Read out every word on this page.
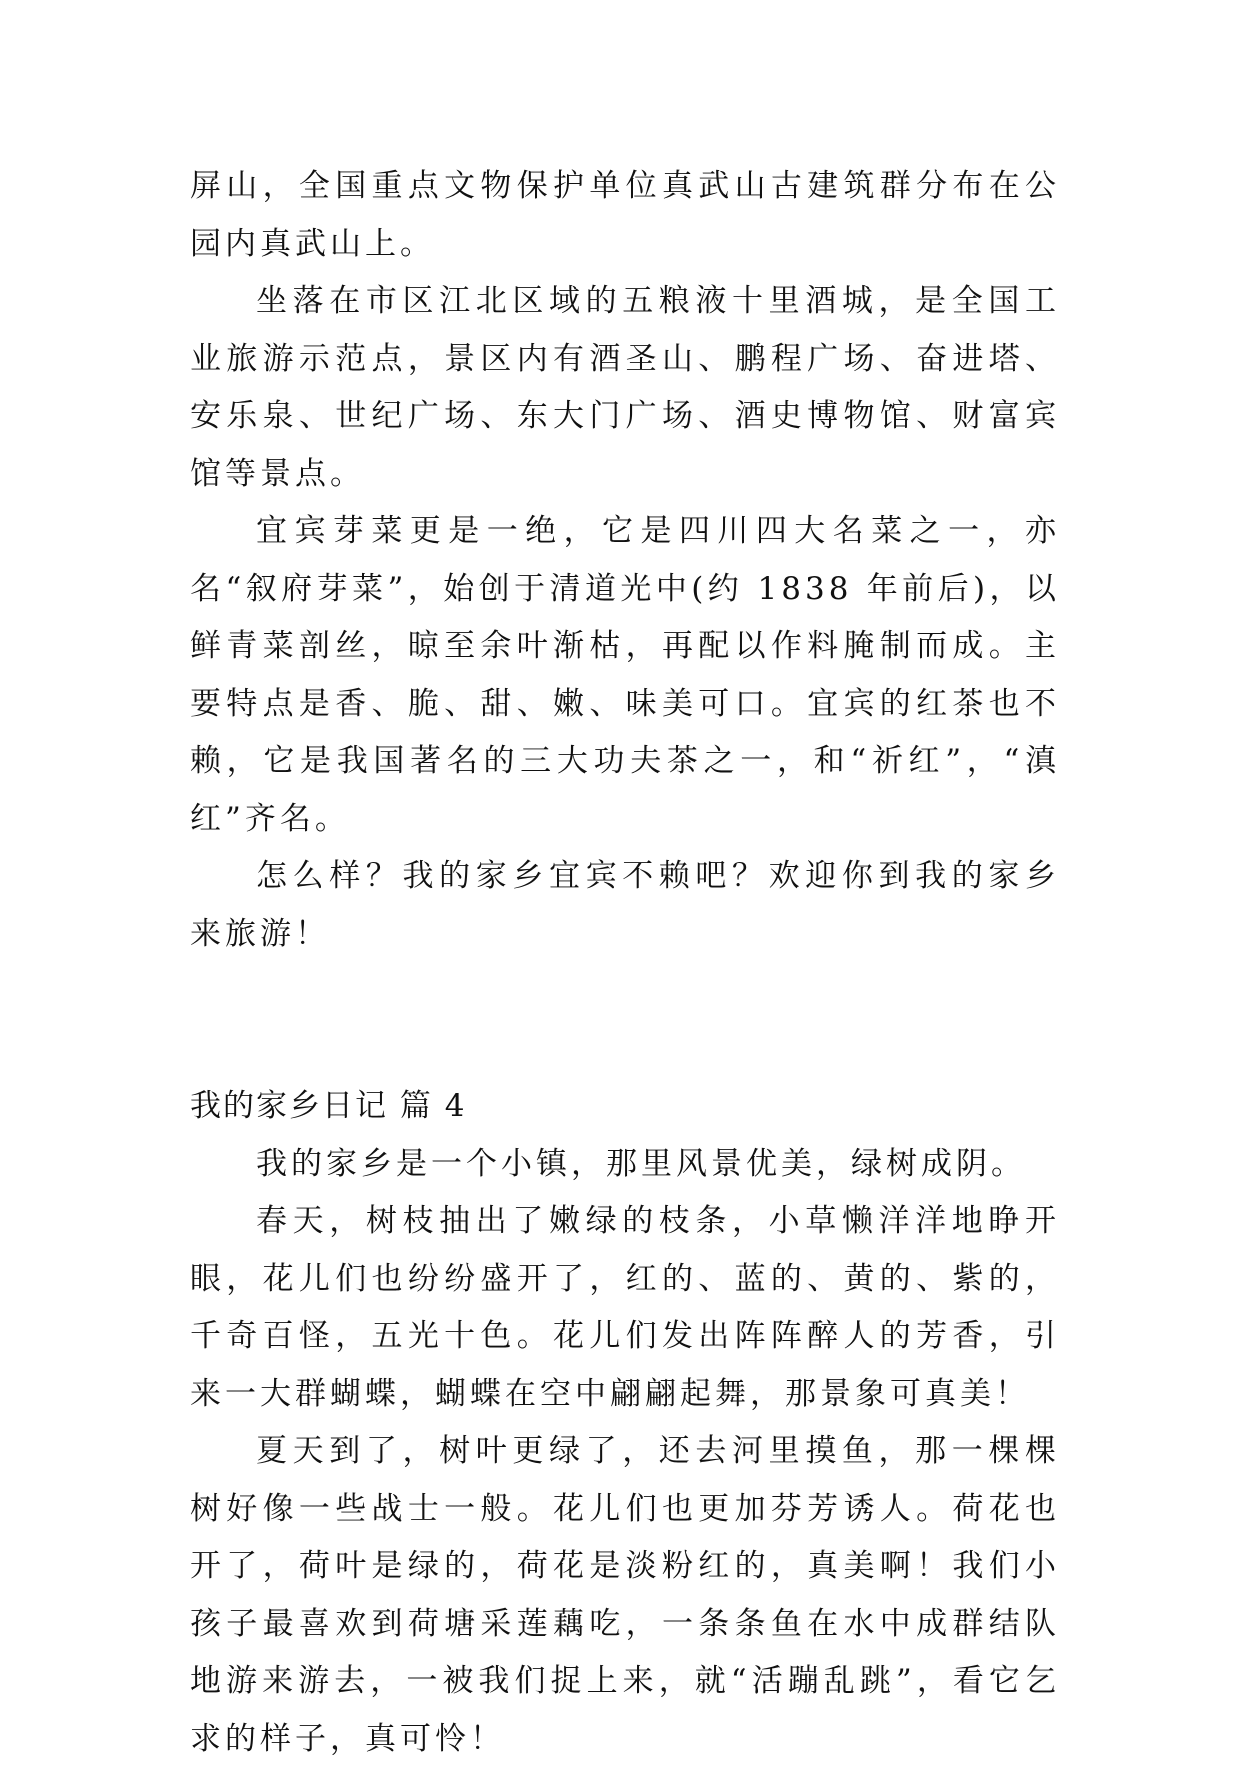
屏山，全国重点文物保护单位真武山古建筑群分布在公园内真武山上。

坐落在市区江北区域的五粮液十里酒城，是全国工业旅游示范点，景区内有酒圣山、鹏程广场、奋进塔、安乐泉、世纪广场、东大门广场、酒史博物馆、财富宾馆等景点。

宜宾芽菜更是一绝，它是四川四大名菜之一，亦名“叙府芽菜”，始创于清道光中(约 1838 年前后)，以鲜青菜剖丝，晾至余叶渐枯，再配以作料腌制而成。主要特点是香、脆、甜、嫩、味美可口。宜宾的红茶也不赖，它是我国著名的三大功夫茶之一，和“祈红”，“滇红”齐名。

怎么样？我的家乡宜宾不赖吧？欢迎你到我的家乡来旅游！

我的家乡日记 篇 4

我的家乡是一个小镇，那里风景优美，绿树成阴。

春天，树枝抽出了嫩绿的枝条，小草懒洋洋地睁开眼，花儿们也纷纷盛开了，红的、蓝的、黄的、紫的，千奇百怪，五光十色。花儿们发出阵阵醉人的芳香，引来一大群蝴蝶，蝴蝶在空中翩翩起舞，那景象可真美！

夏天到了，树叶更绿了，还去河里摸鱼，那一棵棵树好像一些战士一般。花儿们也更加芬芳诱人。荷花也开了，荷叶是绿的，荷花是淡粉红的，真美啊！我们小孩子最喜欢到荷塘采莲藕吃，一条条鱼在水中成群结队地游来游去，一被我们捉上来，就“活蹦乱跳”，看它乞求的样子，真可怜！
